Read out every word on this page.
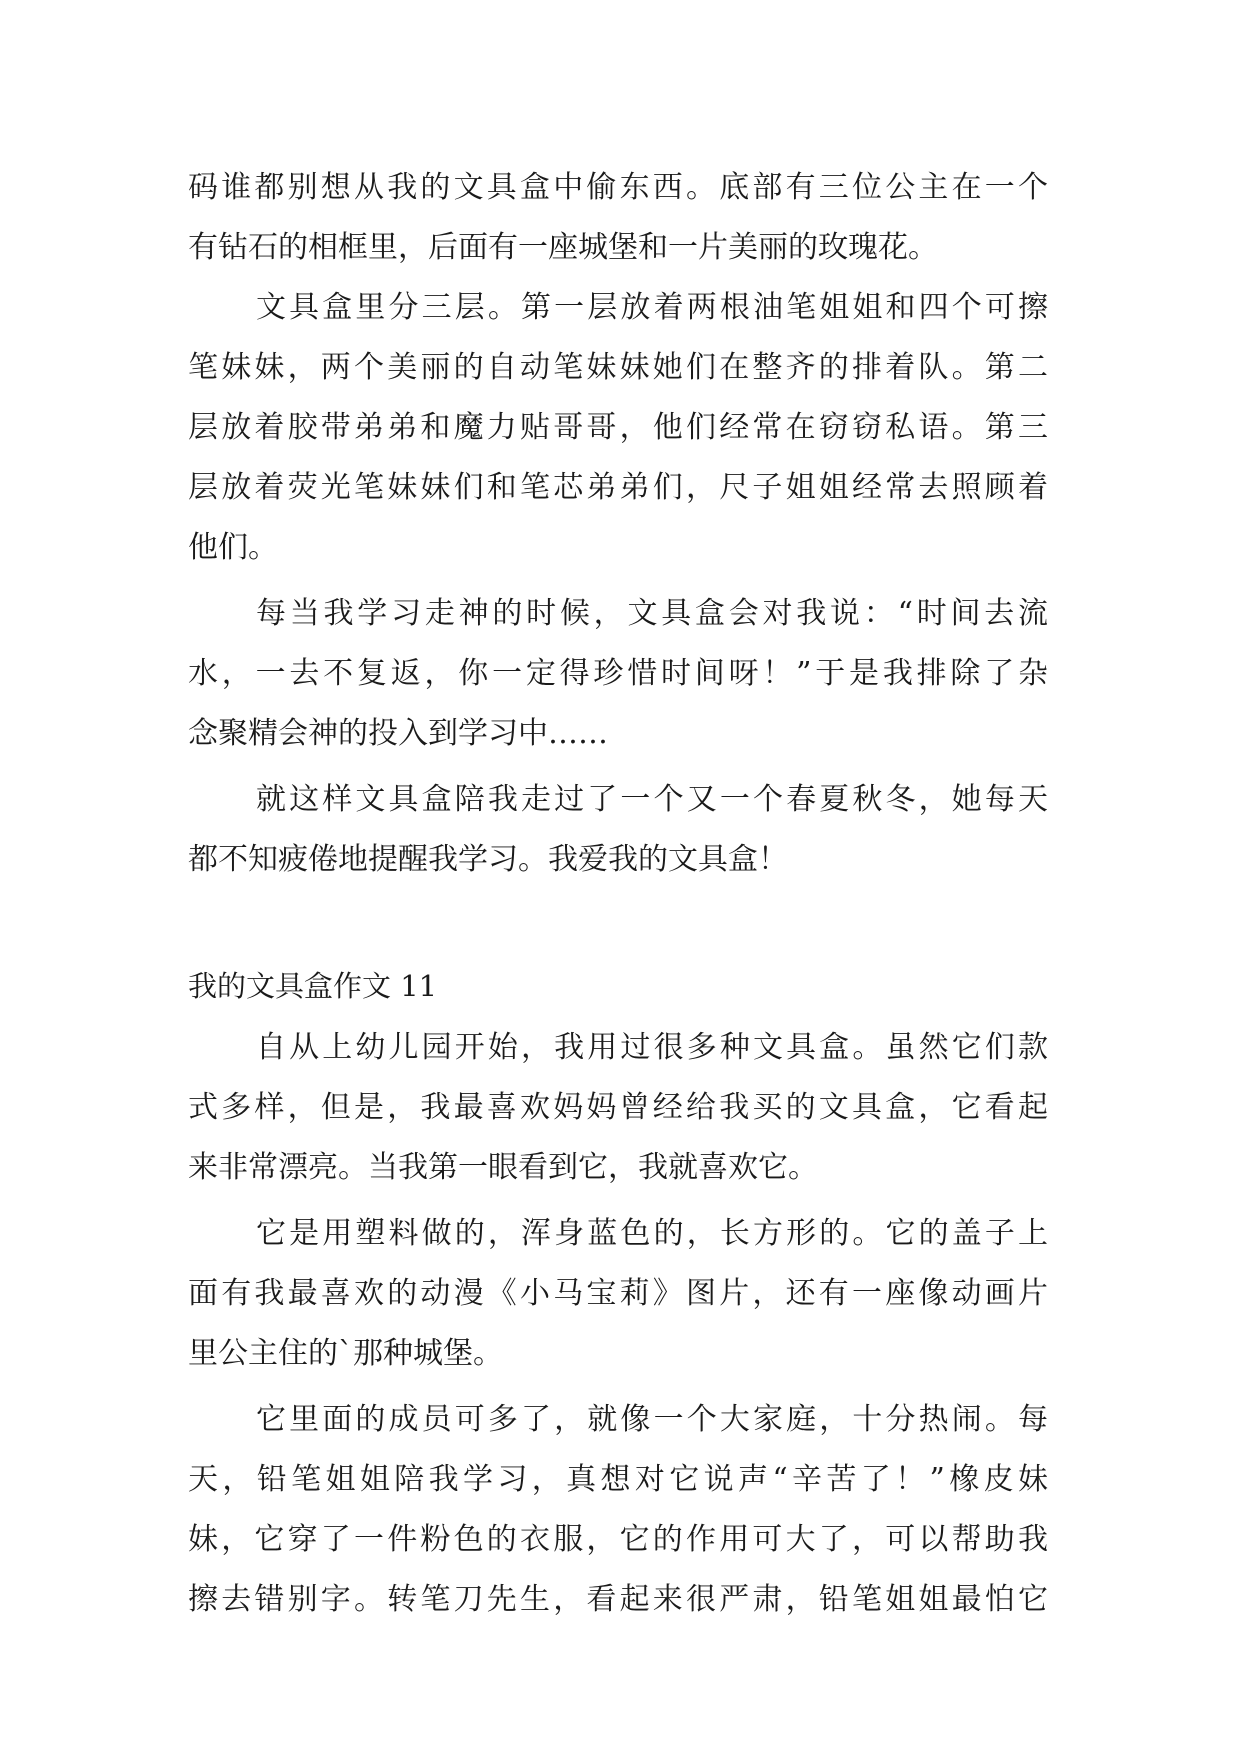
码谁都别想从我的文具盒中偷东西。底部有三位公主在一个
有钻石的相框里，后面有一座城堡和一片美丽的玫瑰花。
文具盒里分三层。第一层放着两根油笔姐姐和四个可擦
笔妹妹，两个美丽的自动笔妹妹她们在整齐的排着队。第二
层放着胶带弟弟和魔力贴哥哥，他们经常在窃窃私语。第三
层放着荧光笔妹妹们和笔芯弟弟们，尺子姐姐经常去照顾着
他们。
每当我学习走神的时候，文具盒会对我说：“时间去流
水，一去不复返，你一定得珍惜时间呀！”于是我排除了杂
念聚精会神的投入到学习中……
就这样文具盒陪我走过了一个又一个春夏秋冬，她每天
都不知疲倦地提醒我学习。我爱我的文具盒！
我的文具盒作文 11
自从上幼儿园开始，我用过很多种文具盒。虽然它们款
式多样，但是，我最喜欢妈妈曾经给我买的文具盒，它看起
来非常漂亮。当我第一眼看到它，我就喜欢它。
它是用塑料做的，浑身蓝色的，长方形的。它的盖子上
面有我最喜欢的动漫《小马宝莉》图片，还有一座像动画片
里公主住的`那种城堡。
它里面的成员可多了，就像一个大家庭，十分热闹。每
天，铅笔姐姐陪我学习，真想对它说声“辛苦了！”橡皮妹
妹，它穿了一件粉色的衣服，它的作用可大了，可以帮助我
擦去错别字。转笔刀先生，看起来很严肃，铅笔姐姐最怕它
